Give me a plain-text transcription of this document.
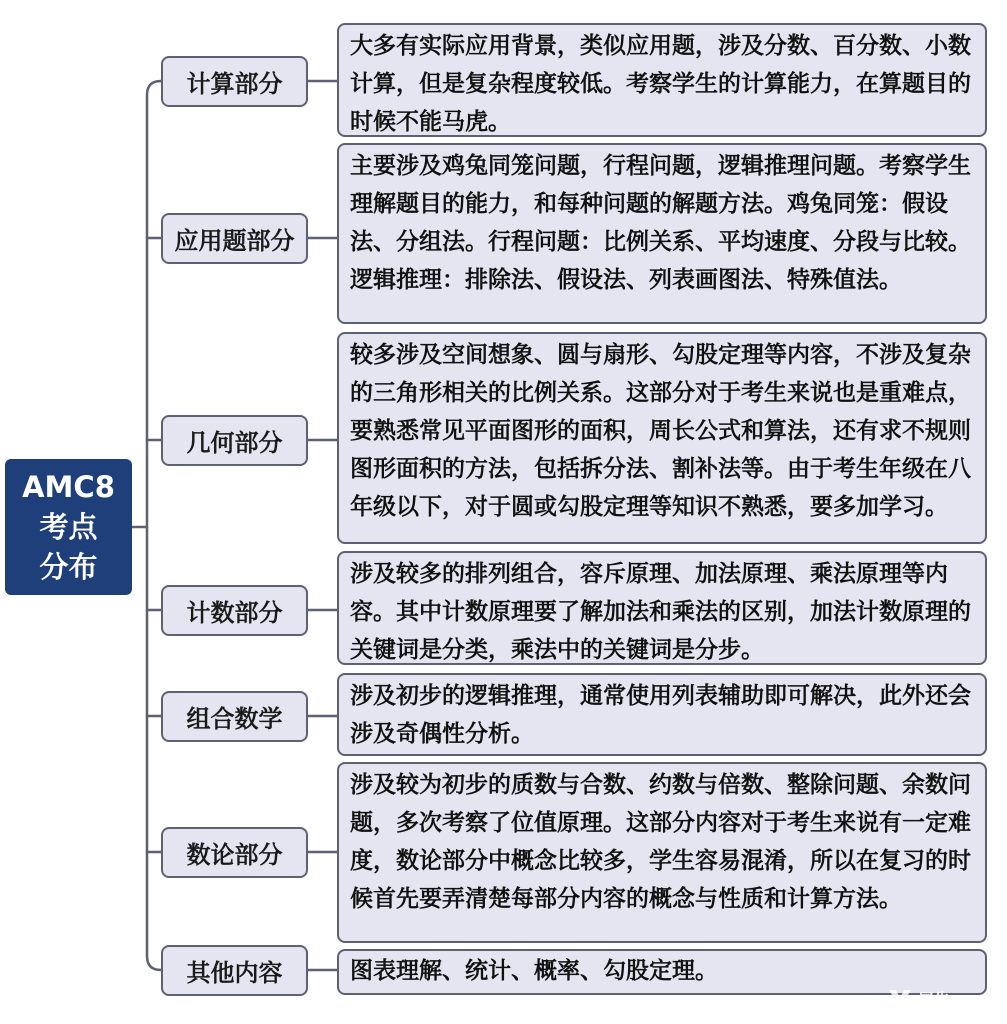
AMC8
考点
分布
计算部分
大多有实际应用背景，类似应用题，涉及分数、百分数、小数计算，但是复杂程度较低。考察学生的计算能力，在算题目的时候不能马虎。
应用题部分
主要涉及鸡兔同笼问题，行程问题，逻辑推理问题。考察学生理解题目的能力，和每种问题的解题方法。鸡兔同笼：假设法、分组法。行程问题：比例关系、平均速度、分段与比较。逻辑推理：排除法、假设法、列表画图法、特殊值法。
几何部分
较多涉及空间想象、圆与扇形、勾股定理等内容，不涉及复杂的三角形相关的比例关系。这部分对于考生来说也是重难点，要熟悉常见平面图形的面积，周长公式和算法，还有求不规则图形面积的方法，包括拆分法、割补法等。由于考生年级在八年级以下，对于圆或勾股定理等知识不熟悉，要多加学习。
计数部分
涉及较多的排列组合，容斥原理、加法原理、乘法原理等内容。其中计数原理要了解加法和乘法的区别，加法计数原理的关键词是分类，乘法中的关键词是分步。
组合数学
涉及初步的逻辑推理，通常使用列表辅助即可解决，此外还会涉及奇偶性分析。
数论部分
涉及较为初步的质数与合数、约数与倍数、整除问题、余数问题，多次考察了位值原理。这部分内容对于考生来说有一定难度，数论部分中概念比较多，学生容易混淆，所以在复习的时候首先要弄清楚每部分内容的概念与性质和计算方法。
其他内容	图表理解、统计、概率、勾股定理。
犀牛
